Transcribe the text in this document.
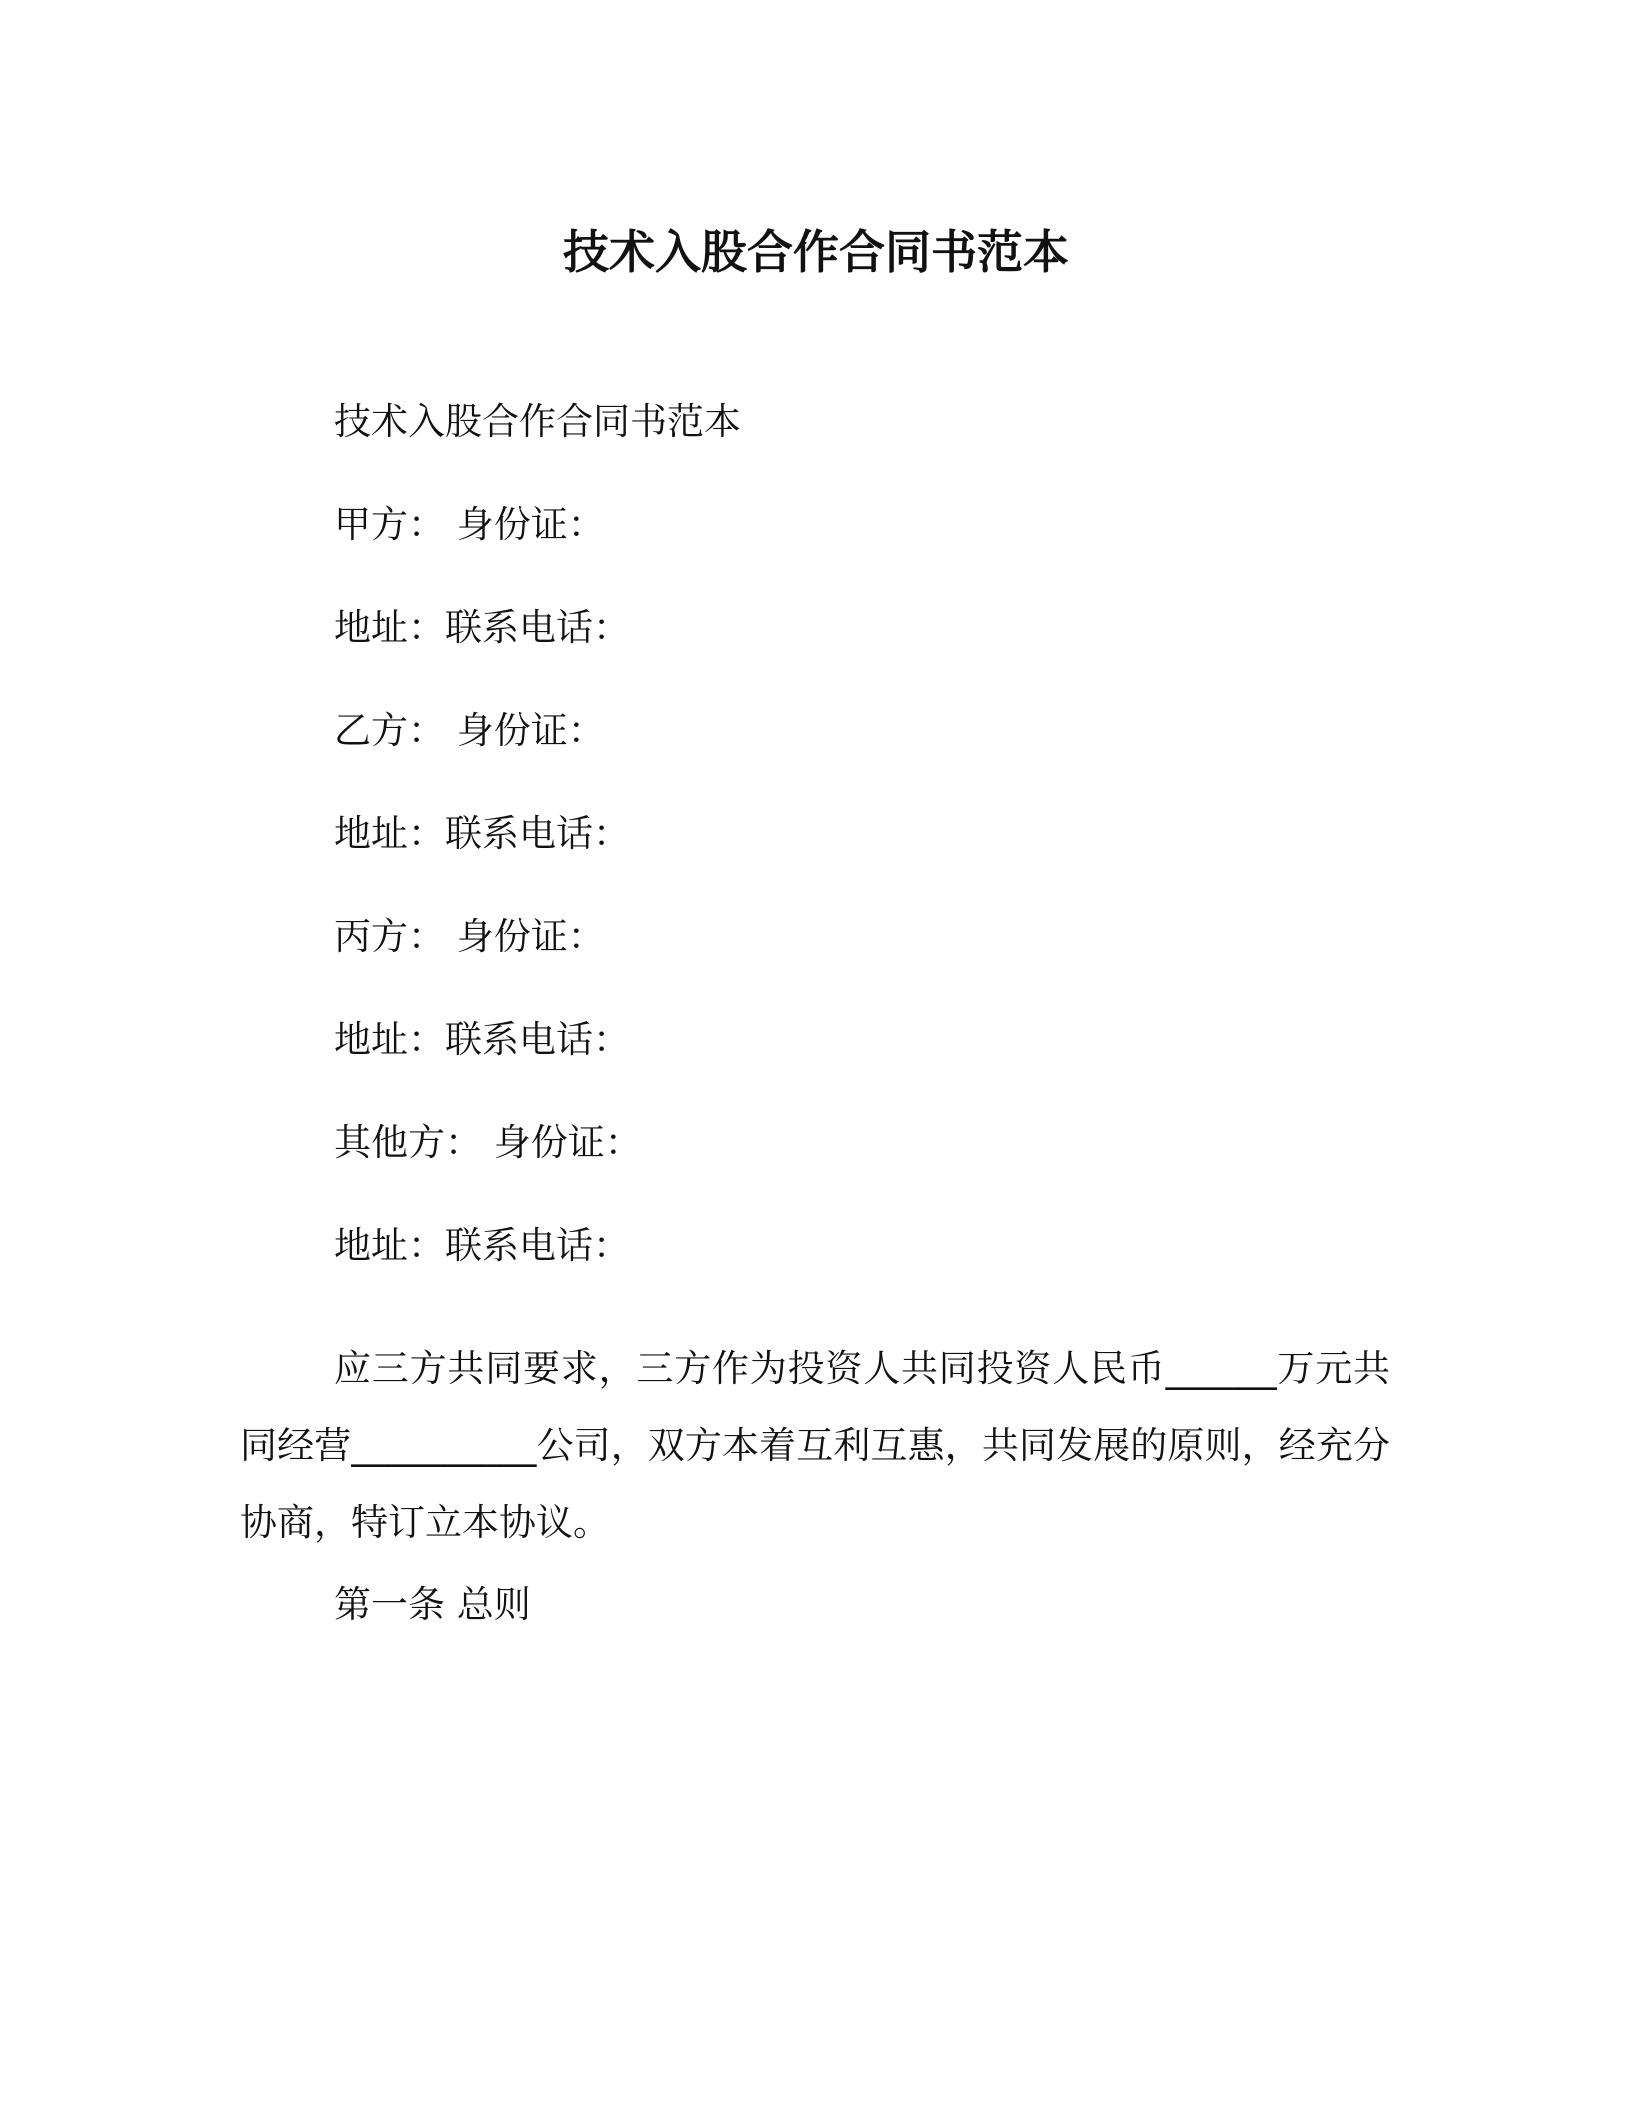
技术入股合作合同书范本
技术入股合作合同书范本
甲方： 身份证：
地址：联系电话：
乙方： 身份证：
地址：联系电话：
丙方： 身份证：
地址：联系电话：
其他方： 身份证：
地址：联系电话：
应三方共同要求，三方作为投资人共同投资人民币______万元共同经营__________公司，双方本着互利互惠，共同发展的原则，经充分协商，特订立本协议。
第一条 总则
